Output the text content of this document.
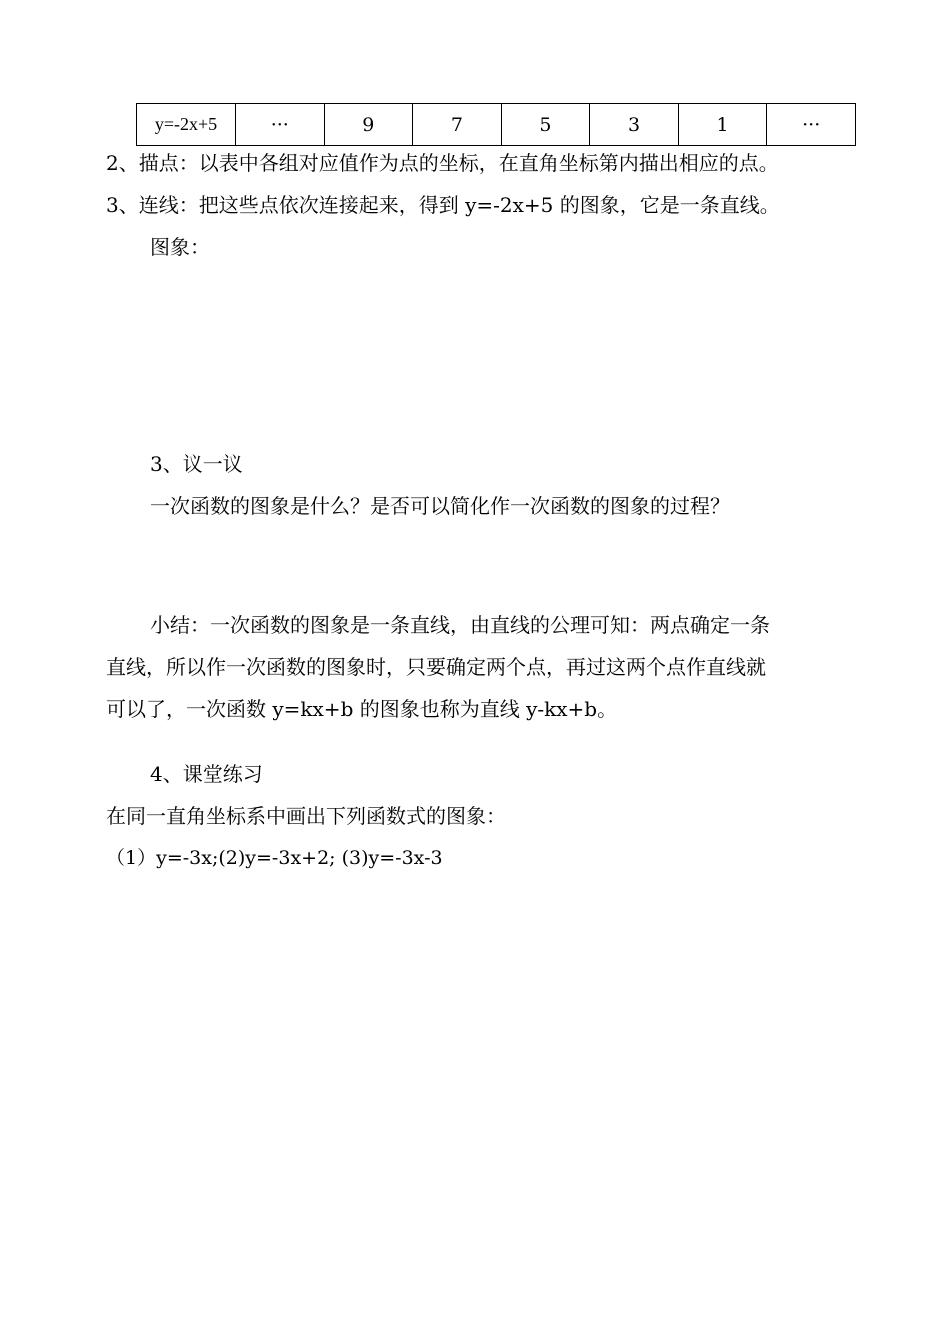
y=-2x+5	···	9	7	5	3	1	···
2、描点：以表中各组对应值作为点的坐标，在直角坐标第内描出相应的点。
3、连线：把这些点依次连接起来，得到 y=-2x+5 的图象，它是一条直线。
图象：
3、议一议
一次函数的图象是什么？是否可以简化作一次函数的图象的过程？
小结：一次函数的图象是一条直线，由直线的公理可知：两点确定一条
直线，所以作一次函数的图象时，只要确定两个点，再过这两个点作直线就
可以了，一次函数 y=kx+b 的图象也称为直线 y-kx+b。
4、课堂练习
在同一直角坐标系中画出下列函数式的图象：
（1）y=-3x;(2)y=-3x+2; (3)y=-3x-3
